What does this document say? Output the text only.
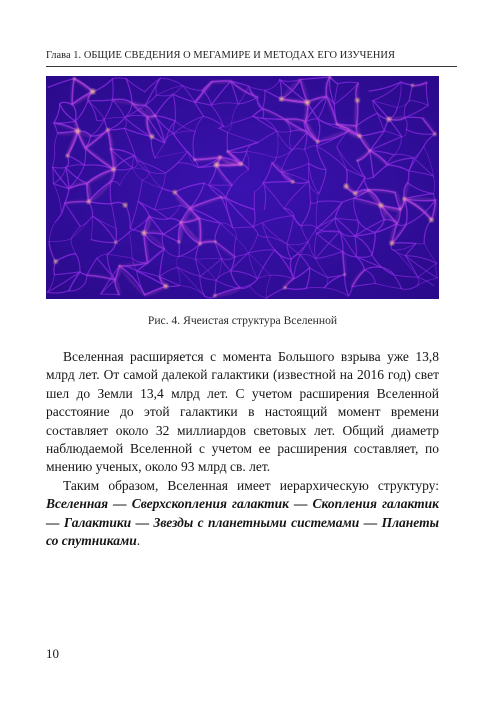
Глава 1. ОБЩИЕ СВЕДЕНИЯ О МЕГАМИРЕ И МЕТОДАХ ЕГО ИЗУЧЕНИЯ
Рис. 4. Ячеистая структура Вселенной

Вселенная расширяется с момента Большого взрыва уже 13,8 млрд лет. От самой далекой галактики (известной на 2016 год) свет шел до Земли 13,4 млрд лет. С учетом расширения Вселенной расстояние до этой галактики в настоящий момент времени составляет около 32 миллиардов световых лет. Общий диаметр наблюдаемой Вселенной с учетом ее расширения составляет, по мнению ученых, около 93 млрд св. лет.

Таким образом, Вселенная имеет иерархическую структуру: Вселенная — Сверхскопления галактик — Скопления галактик — Галактики — Звезды с планетными системами — Планеты со спутниками.

10
